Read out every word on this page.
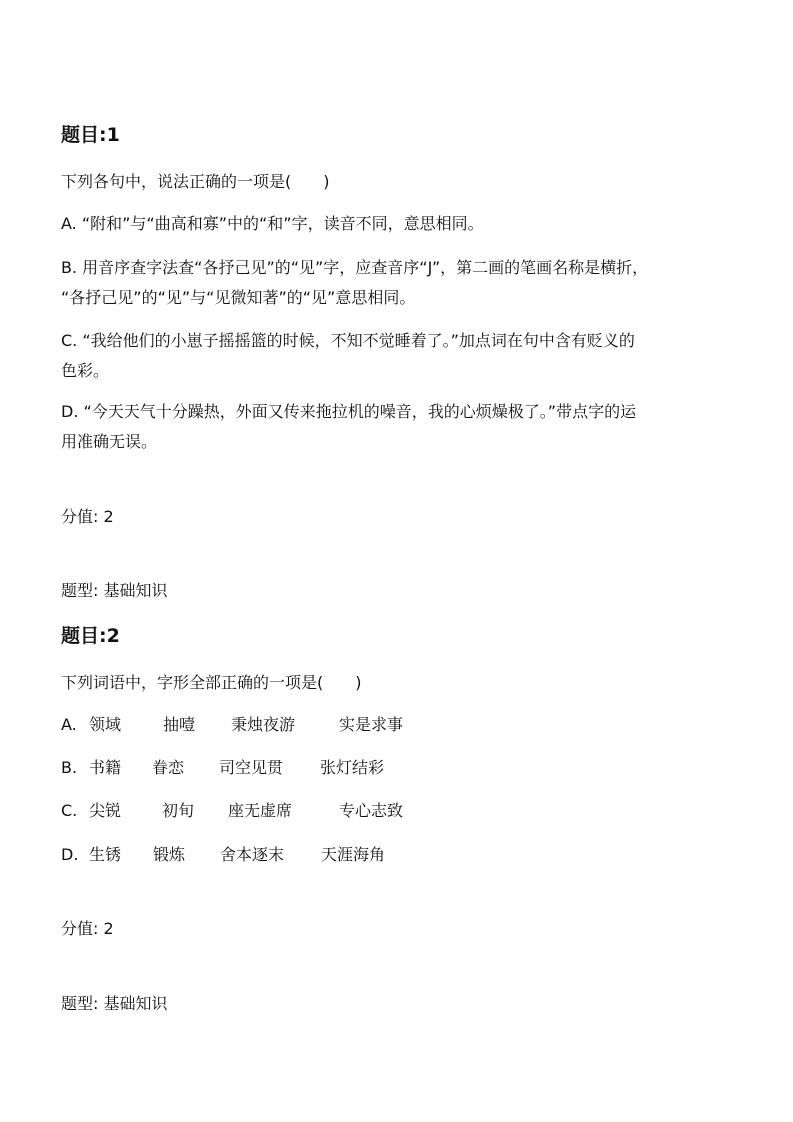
题目:1
下列各句中，说法正确的一项是(　　)
A. “附和”与“曲高和寡”中的“和”字，读音不同，意思相同。
B. 用音序查字法查“各抒己见”的“见”字，应查音序“J”，第二画的笔画名称是横折，
“各抒己见”的“见”与“见微知著”的“见”意思相同。
C. “我给他们的小崽子摇摇篮的时候，不知不觉睡着了。”加点词在句中含有贬义的
色彩。
D. “今天天气十分躁热，外面又传来拖拉机的噪音，我的心烦燥极了。”带点字的运
用准确无误。
分值: 2
题型: 基础知识
题目:2
下列词语中，字形全部正确的一项是(　　)
A. 领域	抽噎 秉烛夜游	实是求事
B. 书籍 眷恋 司空见贯 张灯结彩
C. 尖锐	初旬 座无虚席	专心志致
D. 生锈 锻炼 舍本逐末 天涯海角
分值: 2
题型: 基础知识
